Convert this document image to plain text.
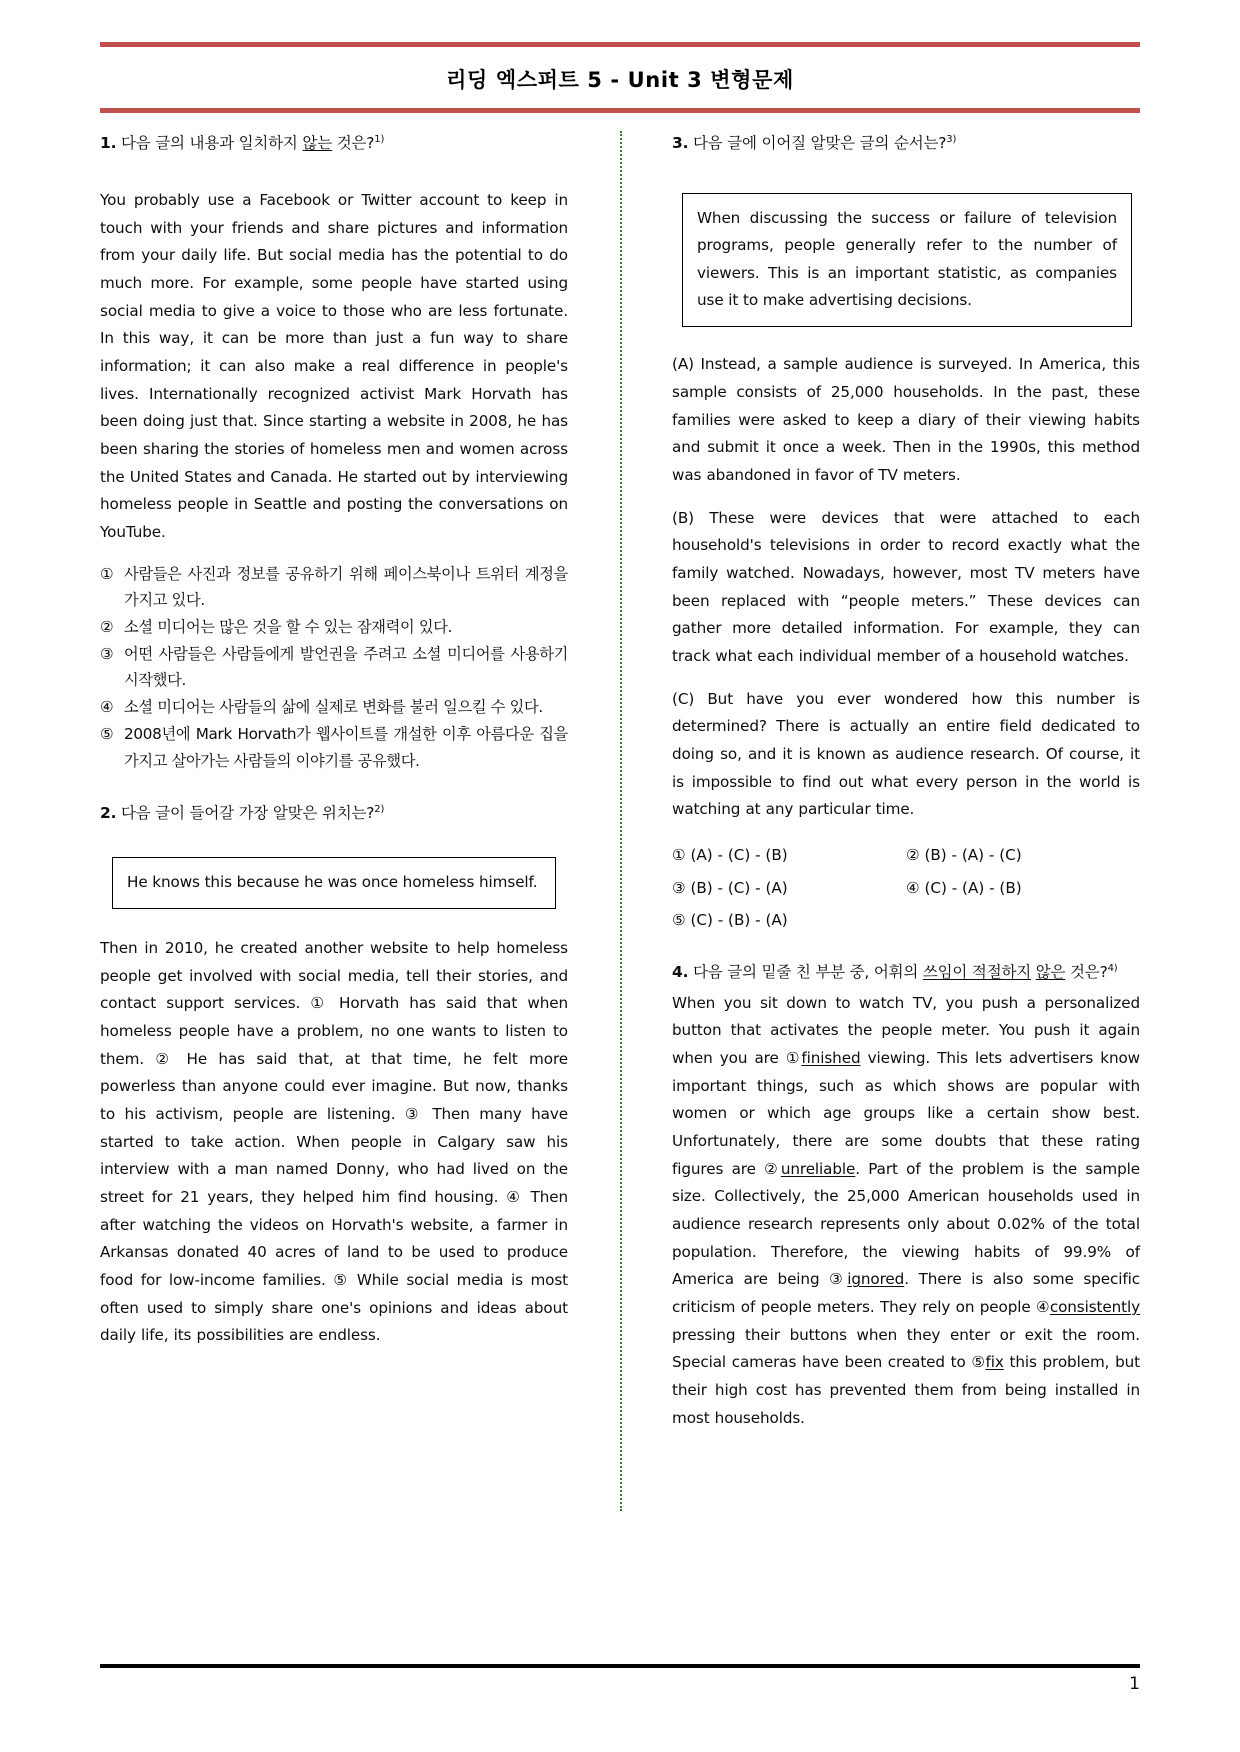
리딩 엑스퍼트 5 - Unit 3 변형문제
1. 다음 글의 내용과 일치하지 않는 것은?$^{1)}$

You probably use a Facebook or Twitter account to keep in touch with your friends and share pictures and information from your daily life. But social media has the potential to do much more. For example, some people have started using social media to give a voice to those who are less fortunate. In this way, it can be more than just a fun way to share information; it can also make a real difference in people's lives. Internationally recognized activist Mark Horvath has been doing just that. Since starting a website in 2008, he has been sharing the stories of homeless men and women across the United States and Canada. He started out by interviewing homeless people in Seattle and posting the conversations on YouTube.

① 사람들은 사진과 정보를 공유하기 위해 페이스북이나 트위터 계정을 가지고 있다.
② 소셜 미디어는 많은 것을 할 수 있는 잠재력이 있다.
③ 어떤 사람들은 사람들에게 발언권을 주려고 소셜 미디어를 사용하기 시작했다.
④ 소셜 미디어는 사람들의 삶에 실제로 변화를 불러 일으킬 수 있다.
⑤ 2008년에 Mark Horvath가 웹사이트를 개설한 이후 아름다운 집을 가지고 살아가는 사람들의 이야기를 공유했다.
2. 다음 글이 들어갈 가장 알맞은 위치는?$^{2)}$
He knows this because he was once homeless himself.

Then in 2010, he created another website to help homeless people get involved with social media, tell their stories, and contact support services. ① Horvath has said that when homeless people have a problem, no one wants to listen to them. ② He has said that, at that time, he felt more powerless than anyone could ever imagine. But now, thanks to his activism, people are listening. ③ Then many have started to take action. When people in Calgary saw his interview with a man named Donny, who had lived on the street for 21 years, they helped him find housing. ④ Then after watching the videos on Horvath's website, a farmer in Arkansas donated 40 acres of land to be used to produce food for low-income families. ⑤ While social media is most often used to simply share one's opinions and ideas about daily life, its possibilities are endless.

3. 다음 글에 이어질 알맞은 글의 순서는?$^{3)}$
When discussing the success or failure of television programs, people generally refer to the number of viewers. This is an important statistic, as companies use it to make advertising decisions.

(A) Instead, a sample audience is surveyed. In America, this sample consists of 25,000 households. In the past, these families were asked to keep a diary of their viewing habits and submit it once a week. Then in the 1990s, this method was abandoned in favor of TV meters.

(B) These were devices that were attached to each household's televisions in order to record exactly what the family watched. Nowadays, however, most TV meters have been replaced with “people meters.” These devices can gather more detailed information. For example, they can track what each individual member of a household watches.

(C) But have you ever wondered how this number is determined? There is actually an entire field dedicated to doing so, and it is known as audience research. Of course, it is impossible to find out what every person in the world is watching at any particular time.

① (A) - (C) - (B)	② (B) - (A) - (C)
③ (B) - (C) - (A)	④ (C) - (A) - (B)
⑤ (C) - (B) - (A)
4. 다음 글의 밑줄 친 부분 중, 어휘의 쓰임이 적절하지 않은 것은?$^{4)}$

When you sit down to watch TV, you push a personalized button that activates the people meter. You push it again when you are ①finished viewing. This lets advertisers know important things, such as which shows are popular with women or which age groups like a certain show best. Unfortunately, there are some doubts that these rating figures are ②unreliable. Part of the problem is the sample size. Collectively, the 25,000 American households used in audience research represents only about 0.02% of the total population. Therefore, the viewing habits of 99.9% of America are being ③ignored. There is also some specific criticism of people meters. They rely on people ④consistently pressing their buttons when they enter or exit the room. Special cameras have been created to ⑤fix this problem, but their high cost has prevented them from being installed in most households.

1
